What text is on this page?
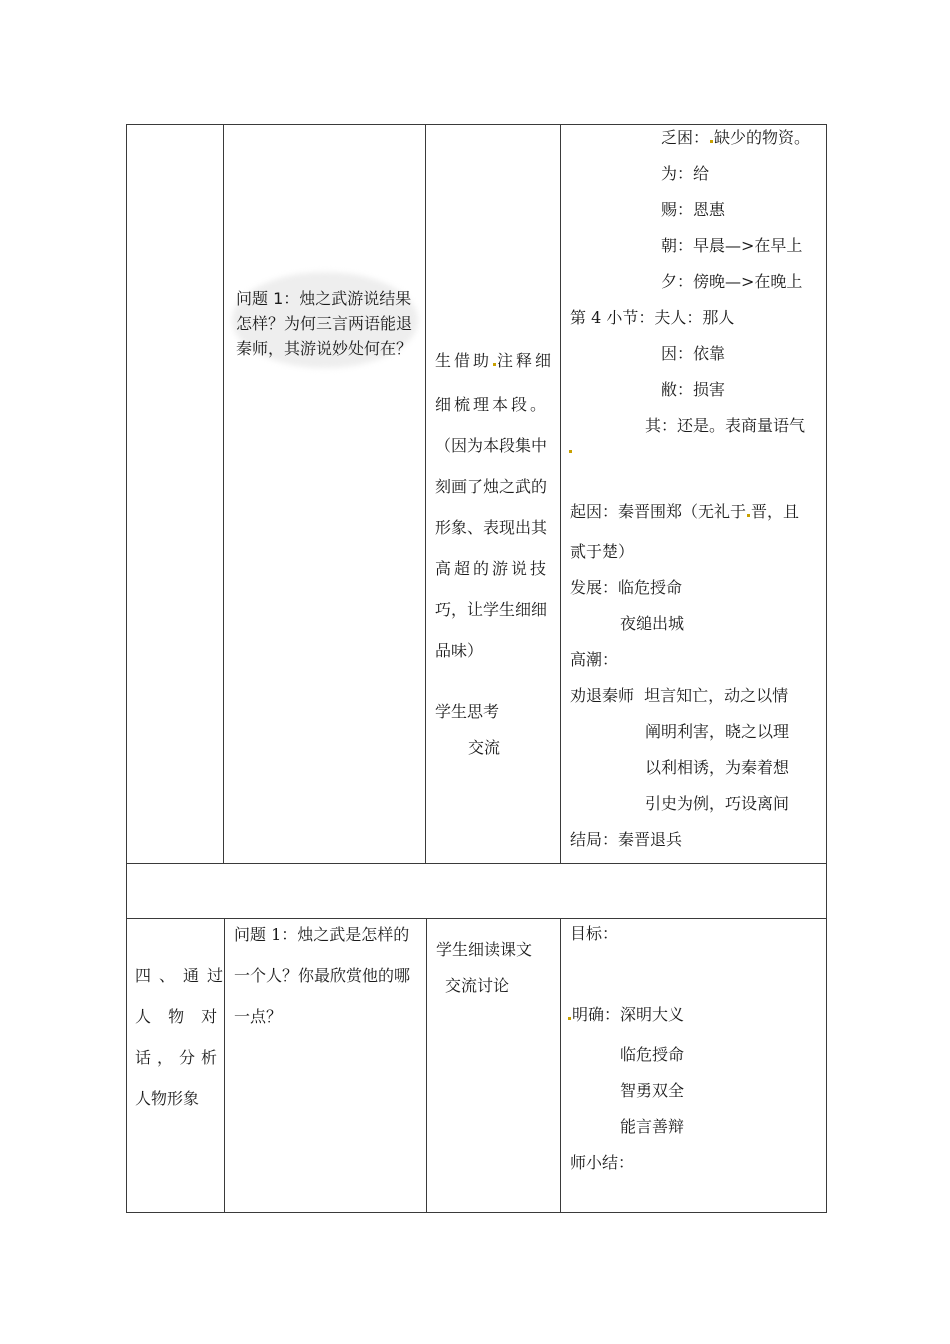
问题 1：烛之武游说结果
怎样？为何三言两语能退
秦师，其游说妙处何在？
生借助 注释细
细梳理本段。
（因为本段集中
刻画了烛之武的
形象、表现出其
高超的游说技
巧，让学生细细
品味）
学生思考
交流
乏困： 缺少的物资。
为：给
赐：恩惠
朝：早晨—>在早上
夕：傍晚—>在晚上
第 4 小节：夫人：那人
因：依靠
敝：损害
其：还是。表商量语气
起因：秦晋围郑（无礼于 晋，且
贰于楚）
发展：临危授命
夜缒出城
高潮：
劝退秦师  坦言知亡，动之以情
阐明利害，晓之以理
以利相诱，为秦着想
引史为例，巧设离间
结局：秦晋退兵
四、通过
人 物 对
话，分析
人物形象
问题 1：烛之武是怎样的
一个人？你最欣赏他的哪
一点？
学生细读课文
交流讨论
目标：
明确：深明大义
临危授命
智勇双全
能言善辩
师小结：
